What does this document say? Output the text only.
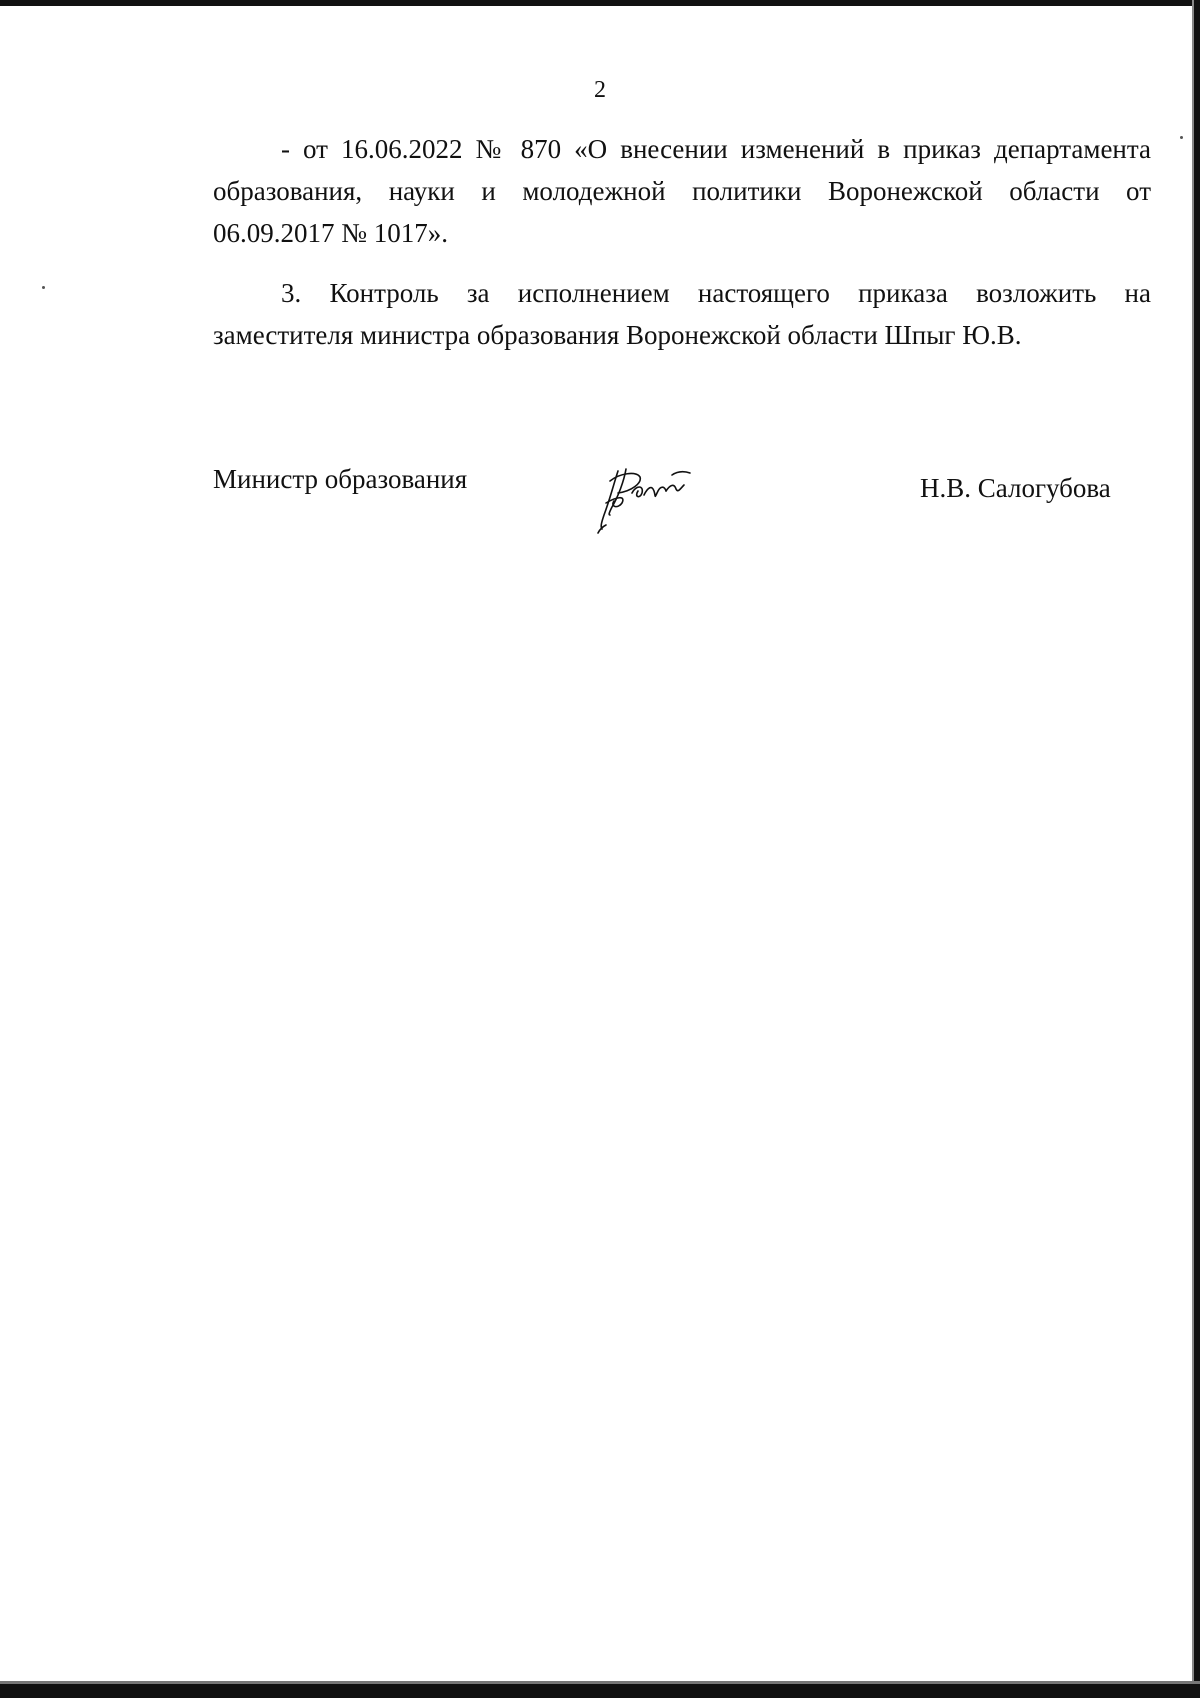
2
- от 16.06.2022 № 870 «О внесении изменений в приказ департамента
образования, науки и молодежной политики Воронежской области от
06.09.2017 № 1017».
3. Контроль за исполнением настоящего приказа возложить на
заместителя министра образования Воронежской области Шпыг Ю.В.
Министр образования	Н.В. Салогубова
